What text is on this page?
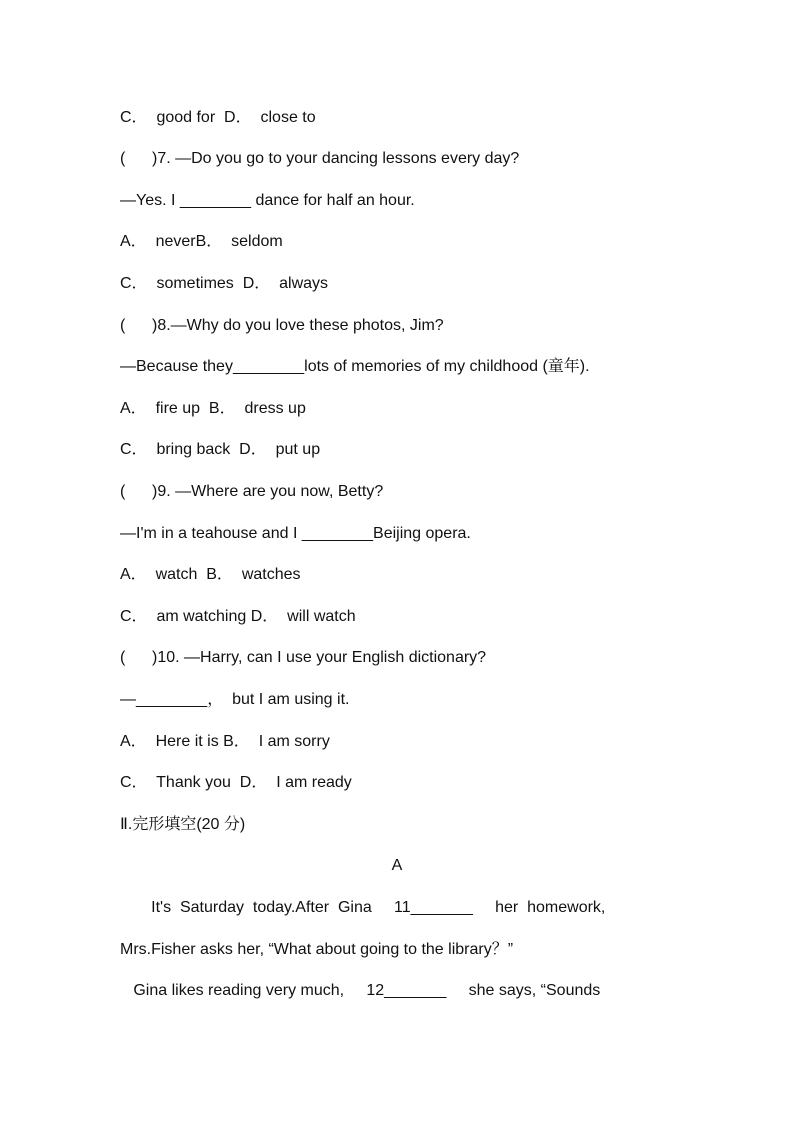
C．  good for  D．  close to
(      )7. —Do you go to your dancing lessons every day?
—Yes. I ________ dance for half an hour.
A．  neverB．  seldom
C．  sometimes  D．  always
(      )8.—Why do you love these photos, Jim?
—Because they________lots of memories of my childhood (童年).
A．  fire up  B．  dress up
C．  bring back  D．  put up
(      )9. —Where are you now, Betty?
—I'm in a teahouse and I ________Beijing opera.
A．  watch  B．  watches
C．  am watching D．  will watch
(      )10. —Harry, can I use your English dictionary?
—________，  but I am using it.
A．  Here it is B．  I am sorry
C．  Thank you  D．  I am ready
Ⅱ.完形填空(20 分)
A
It's  Saturday  today.After  Gina     11_______     her  homework,
Mrs.Fisher asks her, “What about going to the library？”
Gina likes reading very much,     12_______     she says, “Sounds
